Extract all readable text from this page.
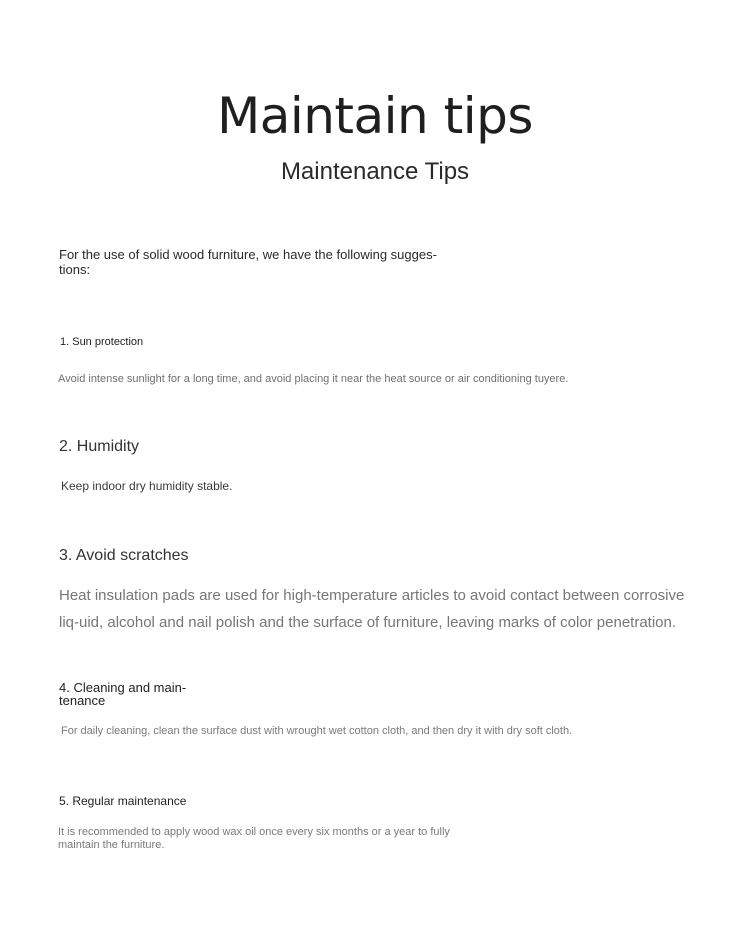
Maintain tips
Maintenance Tips

For the use of solid wood furniture, we have the following sugges-tions:

1. Sun protection

Avoid intense sunlight for a long time, and avoid placing it near the heat source or air conditioning tuyere.

2. Humidity

Keep indoor dry humidity stable.

3. Avoid scratches

Heat insulation pads are used for high-temperature articles to avoid contact between corrosive liq-uid, alcohol and nail polish and the surface of furniture, leaving marks of color penetration.

4. Cleaning and main-tenance

For daily cleaning, clean the surface dust with wrought wet cotton cloth, and then dry it with dry soft cloth.

5. Regular maintenance

It is recommended to apply wood wax oil once every six months or a year to fully maintain the furniture.
